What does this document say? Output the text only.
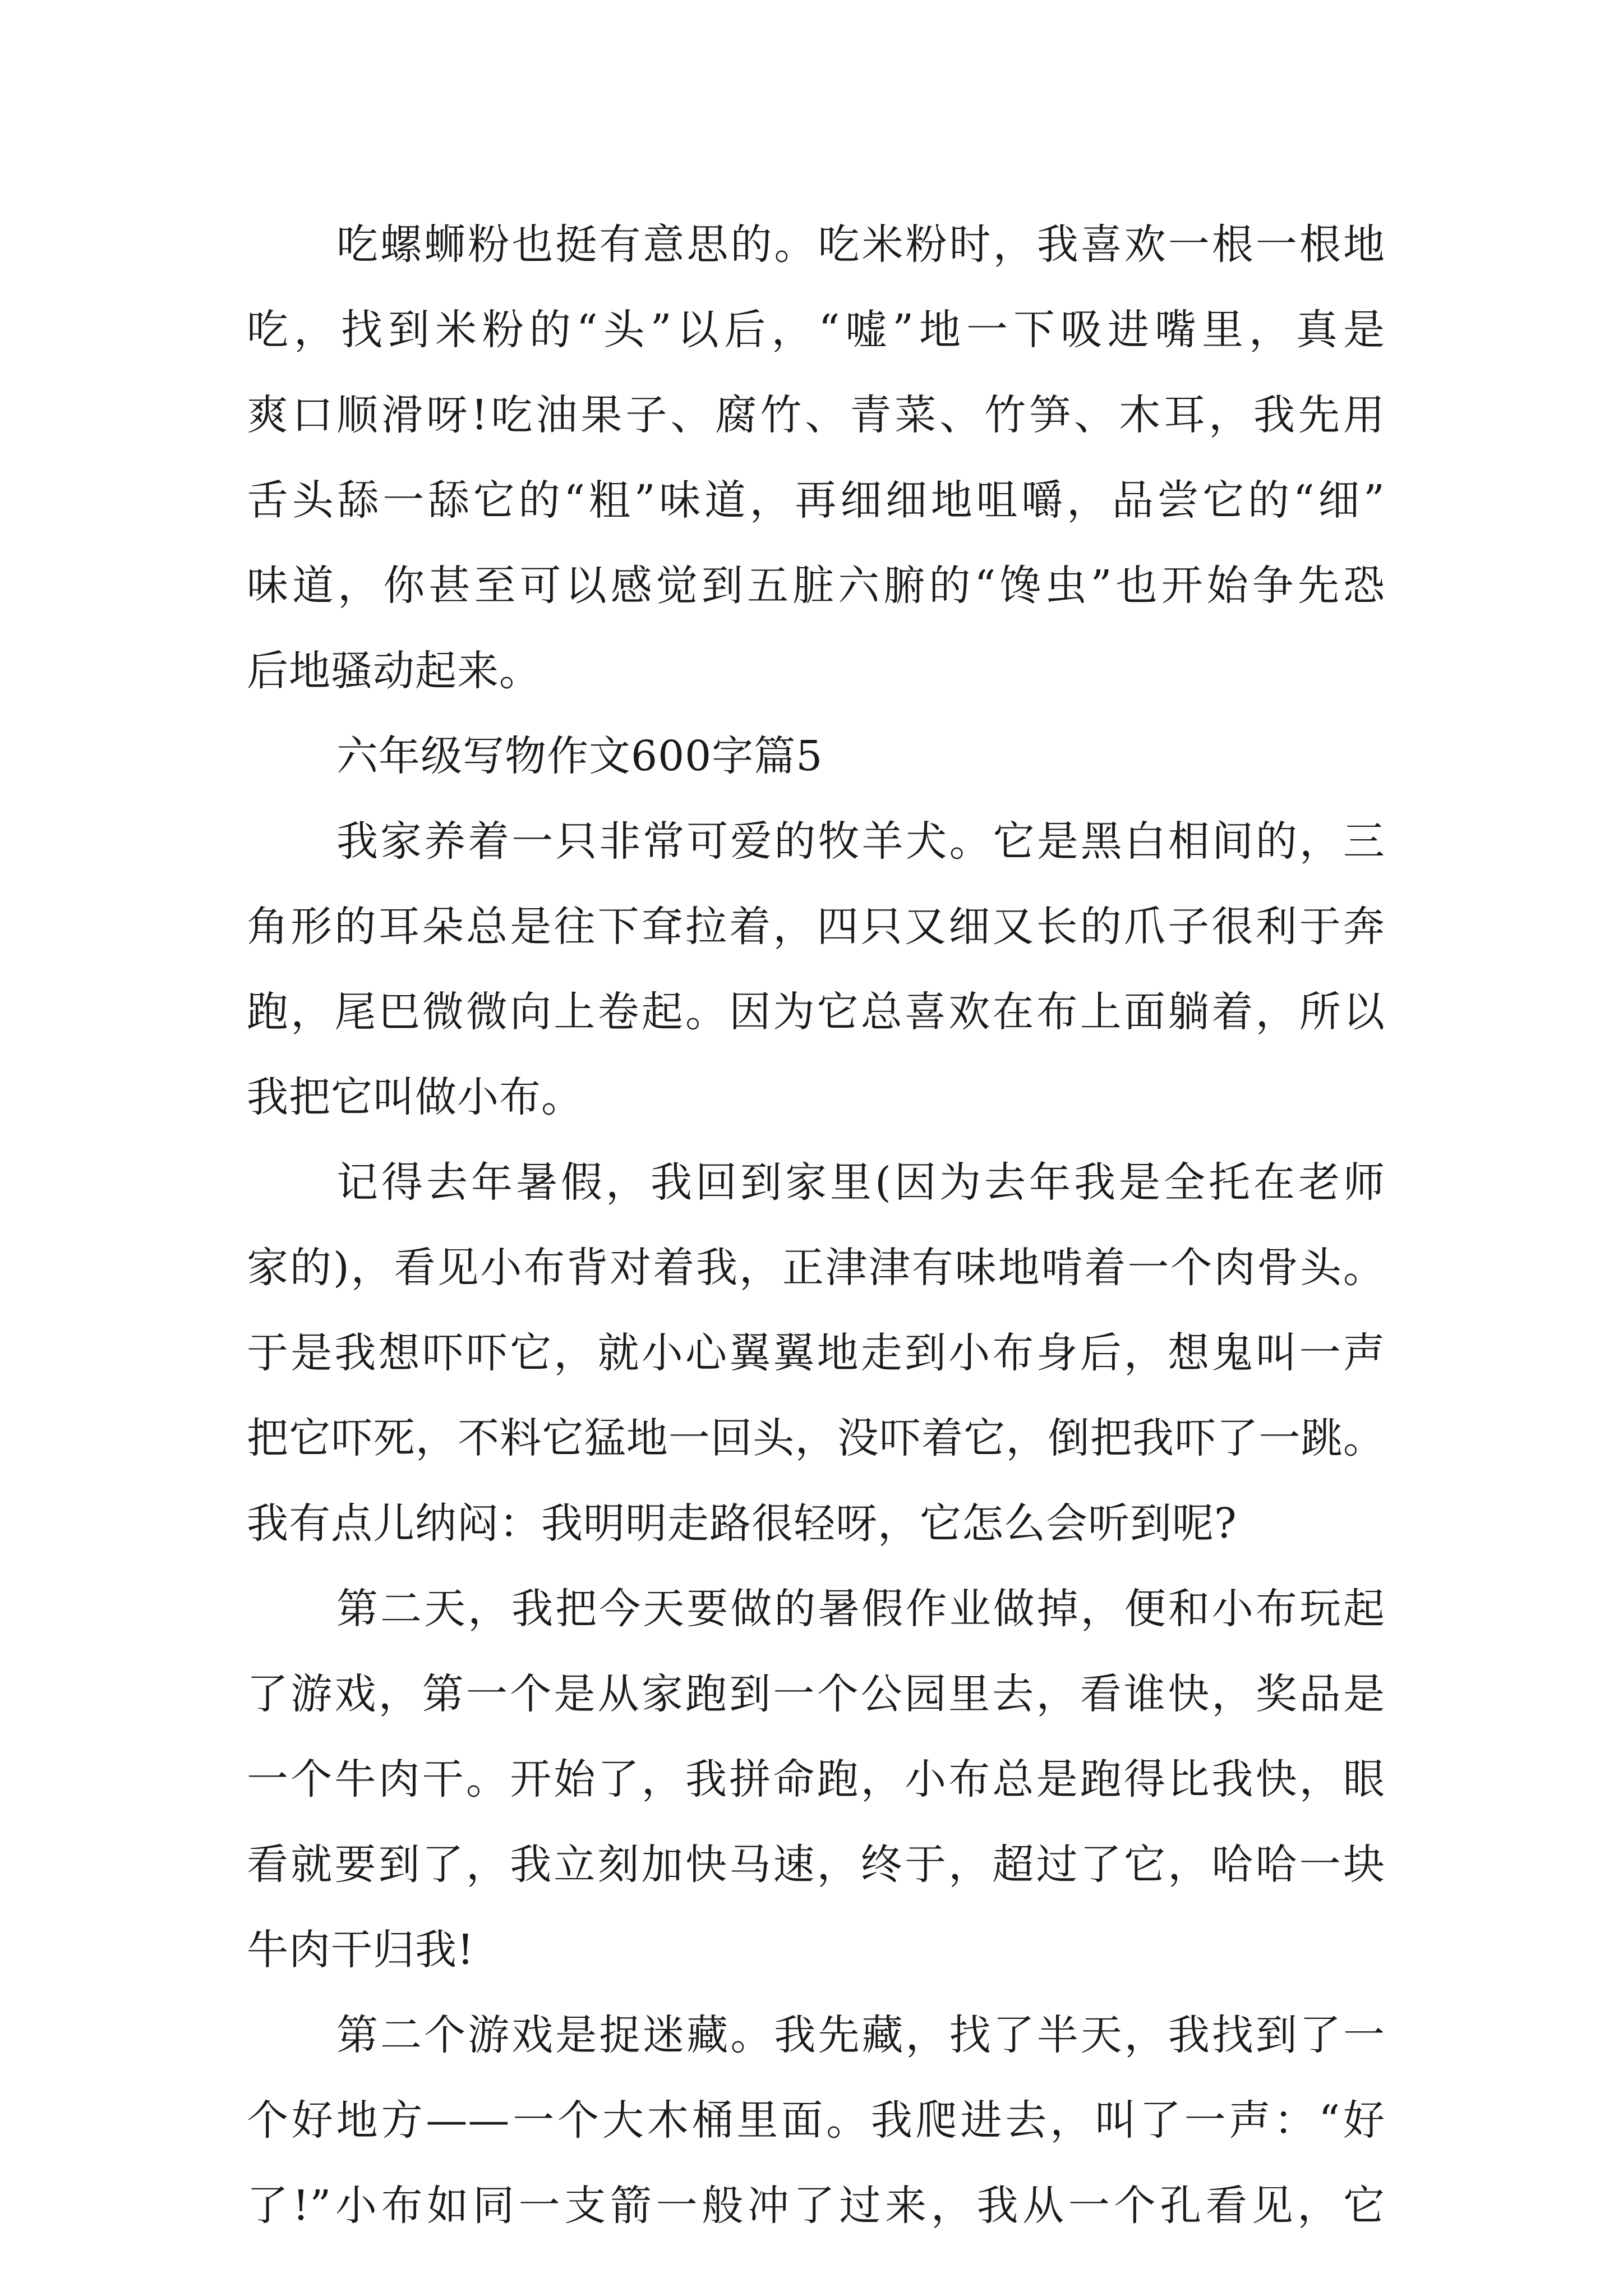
吃螺蛳粉也挺有意思的。吃米粉时，我喜欢一根一根地
吃，找到米粉的“头”以后，“嘘”地一下吸进嘴里，真是
爽口顺滑呀!吃油果子、腐竹、青菜、竹笋、木耳，我先用
舌头舔一舔它的“粗”味道，再细细地咀嚼，品尝它的“细”
味道，你甚至可以感觉到五脏六腑的“馋虫”也开始争先恐
后地骚动起来。
六年级写物作文600字篇5
我家养着一只非常可爱的牧羊犬。它是黑白相间的，三
角形的耳朵总是往下耷拉着，四只又细又长的爪子很利于奔
跑，尾巴微微向上卷起。因为它总喜欢在布上面躺着，所以
我把它叫做小布。
记得去年暑假，我回到家里(因为去年我是全托在老师
家的)，看见小布背对着我，正津津有味地啃着一个肉骨头。
于是我想吓吓它，就小心翼翼地走到小布身后，想鬼叫一声
把它吓死，不料它猛地一回头，没吓着它，倒把我吓了一跳。
我有点儿纳闷：我明明走路很轻呀，它怎么会听到呢?
第二天，我把今天要做的暑假作业做掉，便和小布玩起
了游戏，第一个是从家跑到一个公园里去，看谁快，奖品是
一个牛肉干。开始了，我拼命跑，小布总是跑得比我快，眼
看就要到了，我立刻加快马速，终于，超过了它，哈哈一块
牛肉干归我!
第二个游戏是捉迷藏。我先藏，找了半天，我找到了一
个好地方——一个大木桶里面。我爬进去，叫了一声：“好
了!”小布如同一支箭一般冲了过来，我从一个孔看见，它
